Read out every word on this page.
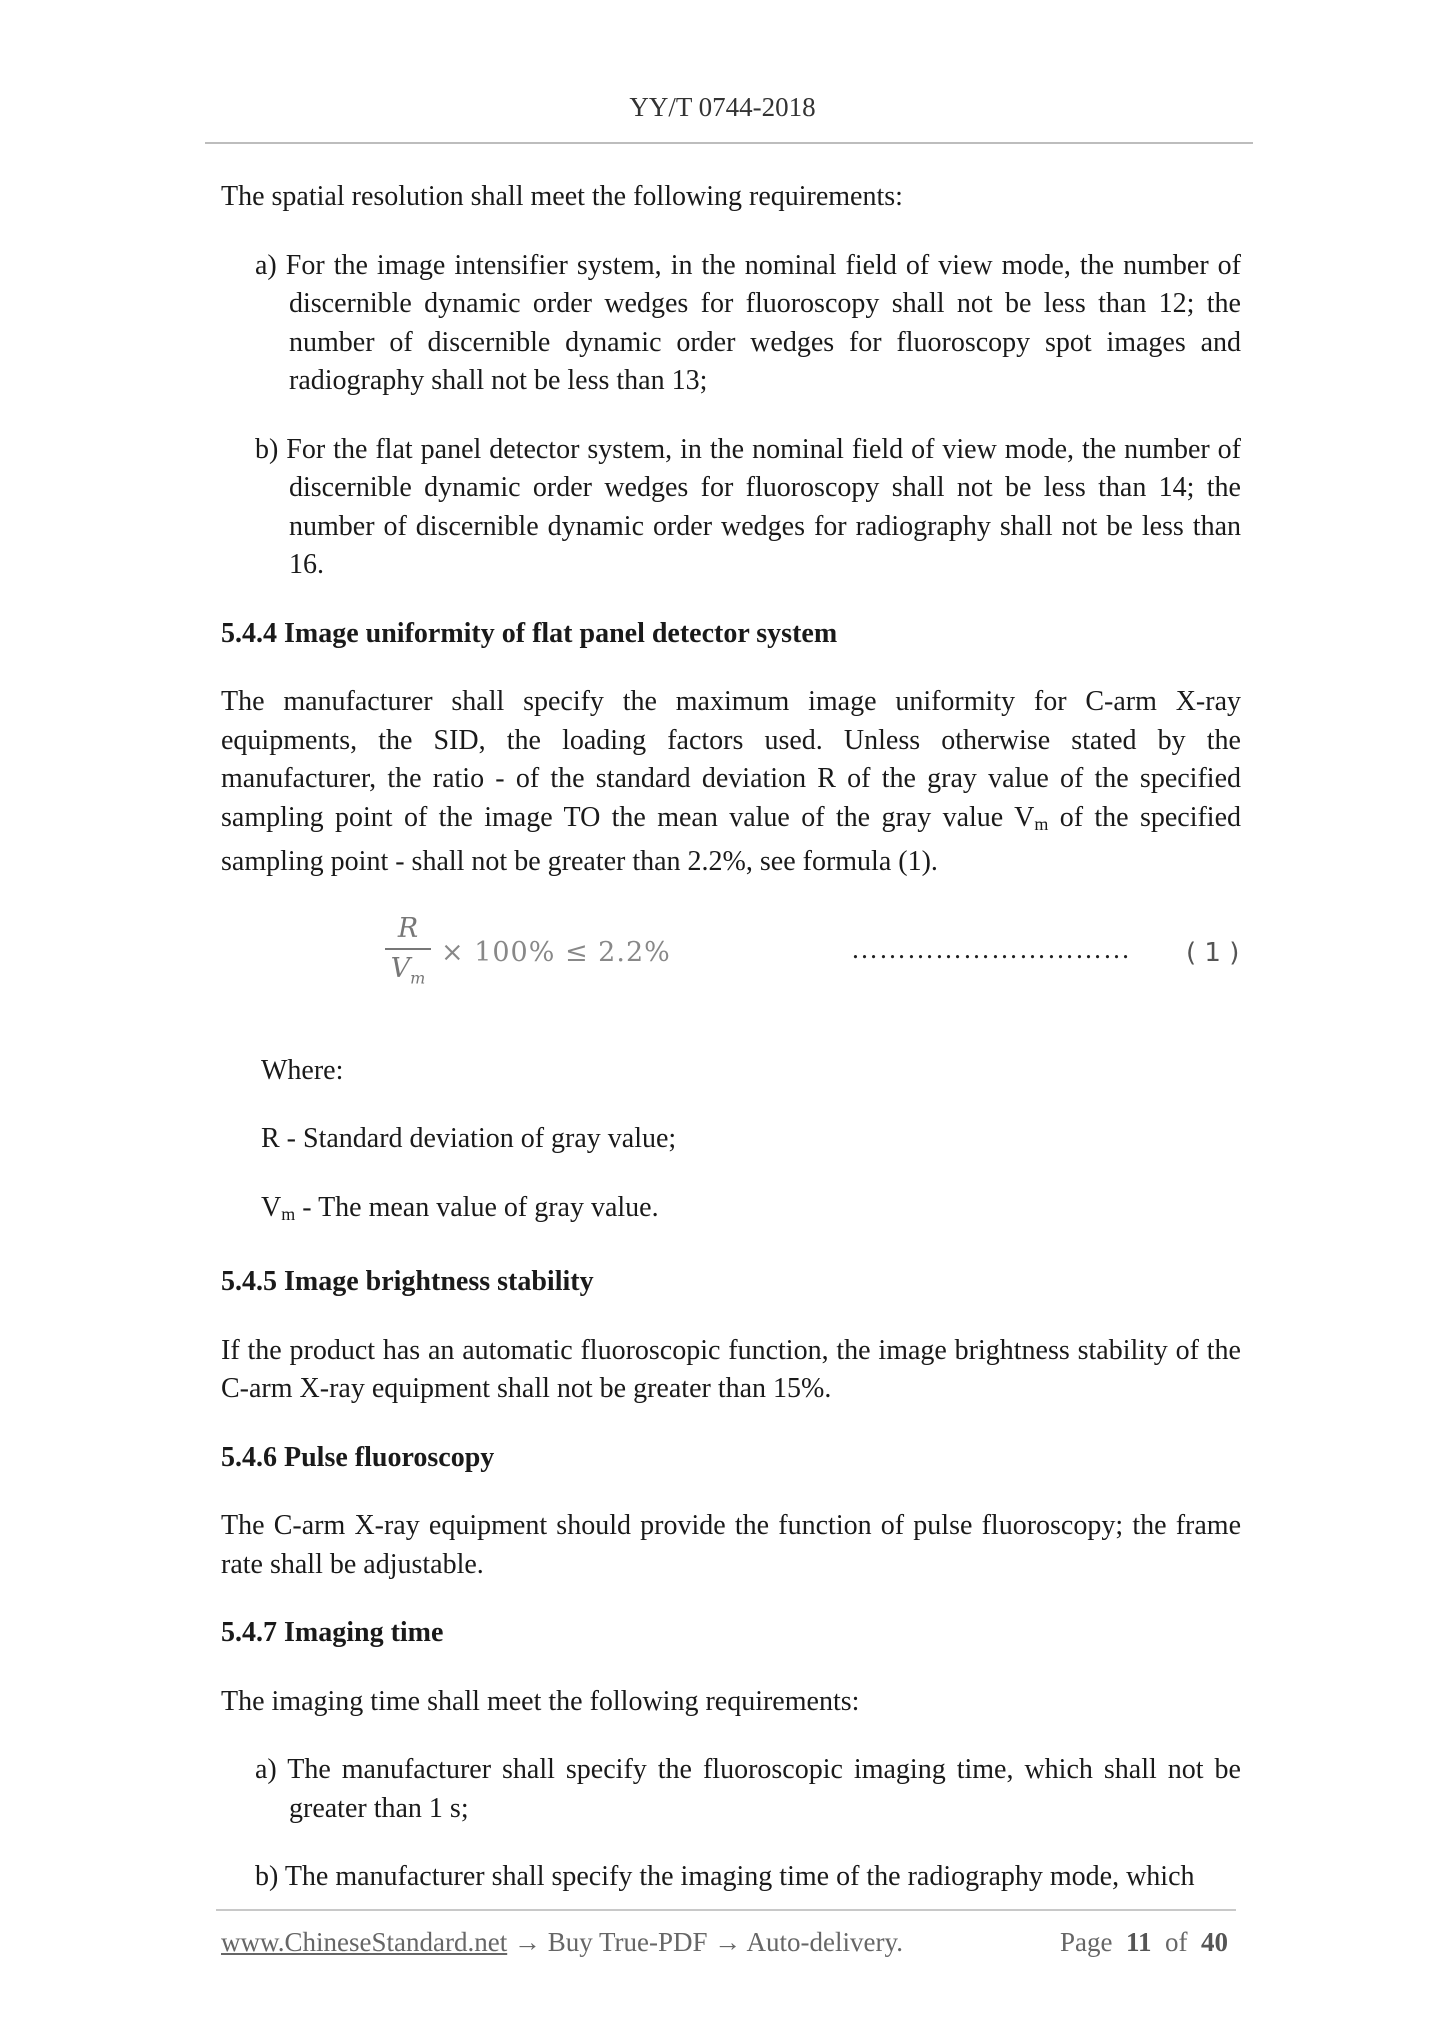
YY/T 0744-2018

The spatial resolution shall meet the following requirements:

a) For the image intensifier system, in the nominal field of view mode, the number of discernible dynamic order wedges for fluoroscopy shall not be less than 12; the number of discernible dynamic order wedges for fluoroscopy spot images and radiography shall not be less than 13;

b) For the flat panel detector system, in the nominal field of view mode, the number of discernible dynamic order wedges for fluoroscopy shall not be less than 14; the number of discernible dynamic order wedges for radiography shall not be less than 16.

5.4.4 Image uniformity of flat panel detector system

The manufacturer shall specify the maximum image uniformity for C-arm X-ray equipments, the SID, the loading factors used. Unless otherwise stated by the manufacturer, the ratio - of the standard deviation R of the gray value of the specified sampling point of the image TO the mean value of the gray value $V_m$ of the specified sampling point - shall not be greater than 2.2%, see formula (1).

R
$V_m$
× 100% ≤ 2.2%	………………………… ( 1 )

Where:

R - Standard deviation of gray value;

$V_m$ - The mean value of gray value.

5.4.5 Image brightness stability

If the product has an automatic fluoroscopic function, the image brightness stability of the C-arm X-ray equipment shall not be greater than 15%.

5.4.6 Pulse fluoroscopy

The C-arm X-ray equipment should provide the function of pulse fluoroscopy; the frame rate shall be adjustable.

5.4.7 Imaging time

The imaging time shall meet the following requirements:

a) The manufacturer shall specify the fluoroscopic imaging time, which shall not be greater than 1 s;

b) The manufacturer shall specify the imaging time of the radiography mode, which

www.ChineseStandard.net → Buy True-PDF → Auto-delivery.	Page 11 of 40
